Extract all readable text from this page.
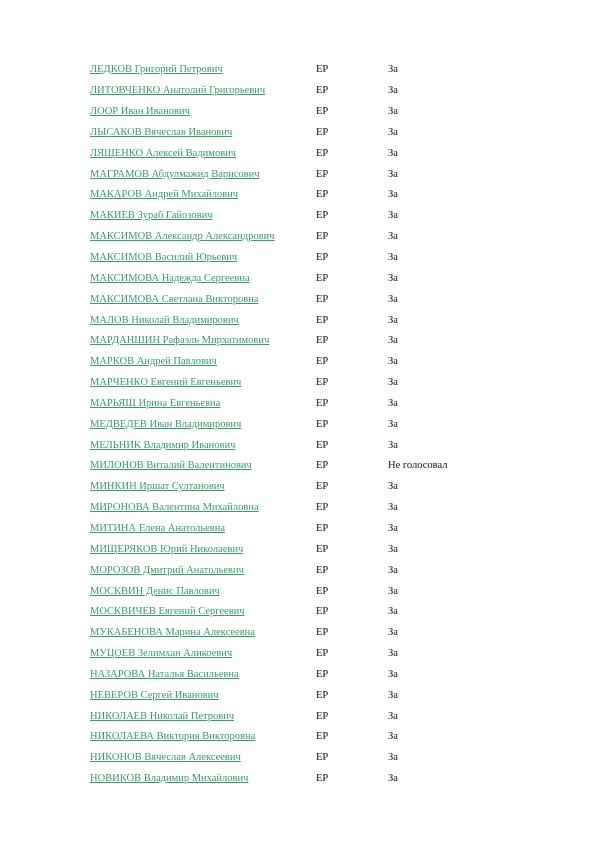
ЛЕДКОВ Григорий Петрович	ЕР	За
ЛИТОВЧЕНКО Анатолий Григорьевич	ЕР	За
ЛООР Иван Иванович	ЕР	За
ЛЫСАКОВ Вячеслав Иванович	ЕР	За
ЛЯЩЕНКО Алексей Вадимович	ЕР	За
МАГРАМОВ Абдулмажид Варисович	ЕР	За
МАКАРОВ Андрей Михайлович	ЕР	За
МАКИЕВ Зураб Гайозович	ЕР	За
МАКСИМОВ Александр Александрович	ЕР	За
МАКСИМОВ Василий Юрьевич	ЕР	За
МАКСИМОВА Надежда Сергеевна	ЕР	За
МАКСИМОВА Светлана Викторовна	ЕР	За
МАЛОВ Николай Владимирович	ЕР	За
МАРДАНШИН Рафаэль Мирхатимович	ЕР	За
МАРКОВ Андрей Павлович	ЕР	За
МАРЧЕНКО Евгений Евгеньевич	ЕР	За
МАРЬЯШ Ирина Евгеньевна	ЕР	За
МЕДВЕДЕВ Иван Владимирович	ЕР	За
МЕЛЬНИК Владимир Иванович	ЕР	За
МИЛОНОВ Виталий Валентинович	ЕР	Не голосовал
МИНКИН Иршат Султанович	ЕР	За
МИРОНОВА Валентина Михайловна	ЕР	За
МИТИНА Елена Анатольевна	ЕР	За
МИЩЕРЯКОВ Юрий Николаевич	ЕР	За
МОРОЗОВ Дмитрий Анатольевич	ЕР	За
МОСКВИН Денис Павлович	ЕР	За
МОСКВИЧЕВ Евгений Сергеевич	ЕР	За
МУКАБЕНОВА Марина Алексеевна	ЕР	За
МУЦОЕВ Зелимхан Аликоевич	ЕР	За
НАЗАРОВА Наталья Васильевна	ЕР	За
НЕВЕРОВ Сергей Иванович	ЕР	За
НИКОЛАЕВ Николай Петрович	ЕР	За
НИКОЛАЕВА Виктория Викторовна	ЕР	За
НИКОНОВ Вячеслав Алексеевич	ЕР	За
НОВИКОВ Владимир Михайлович	ЕР	За
